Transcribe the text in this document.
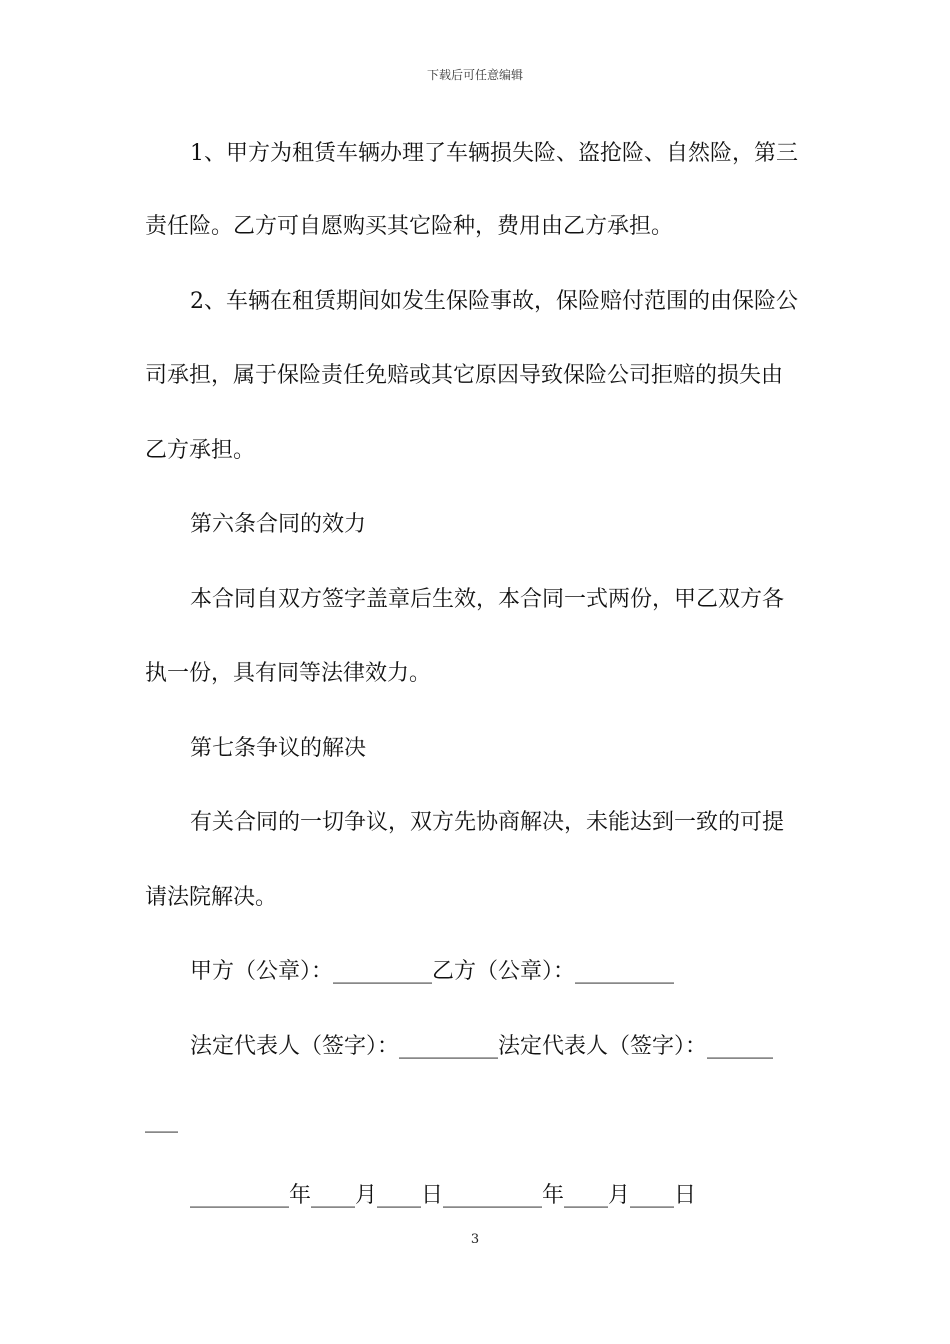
下载后可任意编辑
1、甲方为租赁车辆办理了车辆损失险、盗抢险、自然险，第三
责任险。乙方可自愿购买其它险种，费用由乙方承担。
2、车辆在租赁期间如发生保险事故，保险赔付范围的由保险公
司承担，属于保险责任免赔或其它原因导致保险公司拒赔的损失由
乙方承担。
第六条合同的效力
本合同自双方签字盖章后生效，本合同一式两份，甲乙双方各
执一份，具有同等法律效力。
第七条争议的解决
有关合同的一切争议，双方先协商解决，未能达到一致的可提
请法院解决。
甲方（公章）：_________乙方（公章）：_________
法定代表人（签字）：_________法定代表人（签字）：______
___
_________年____月____日_________年____月____日
3
